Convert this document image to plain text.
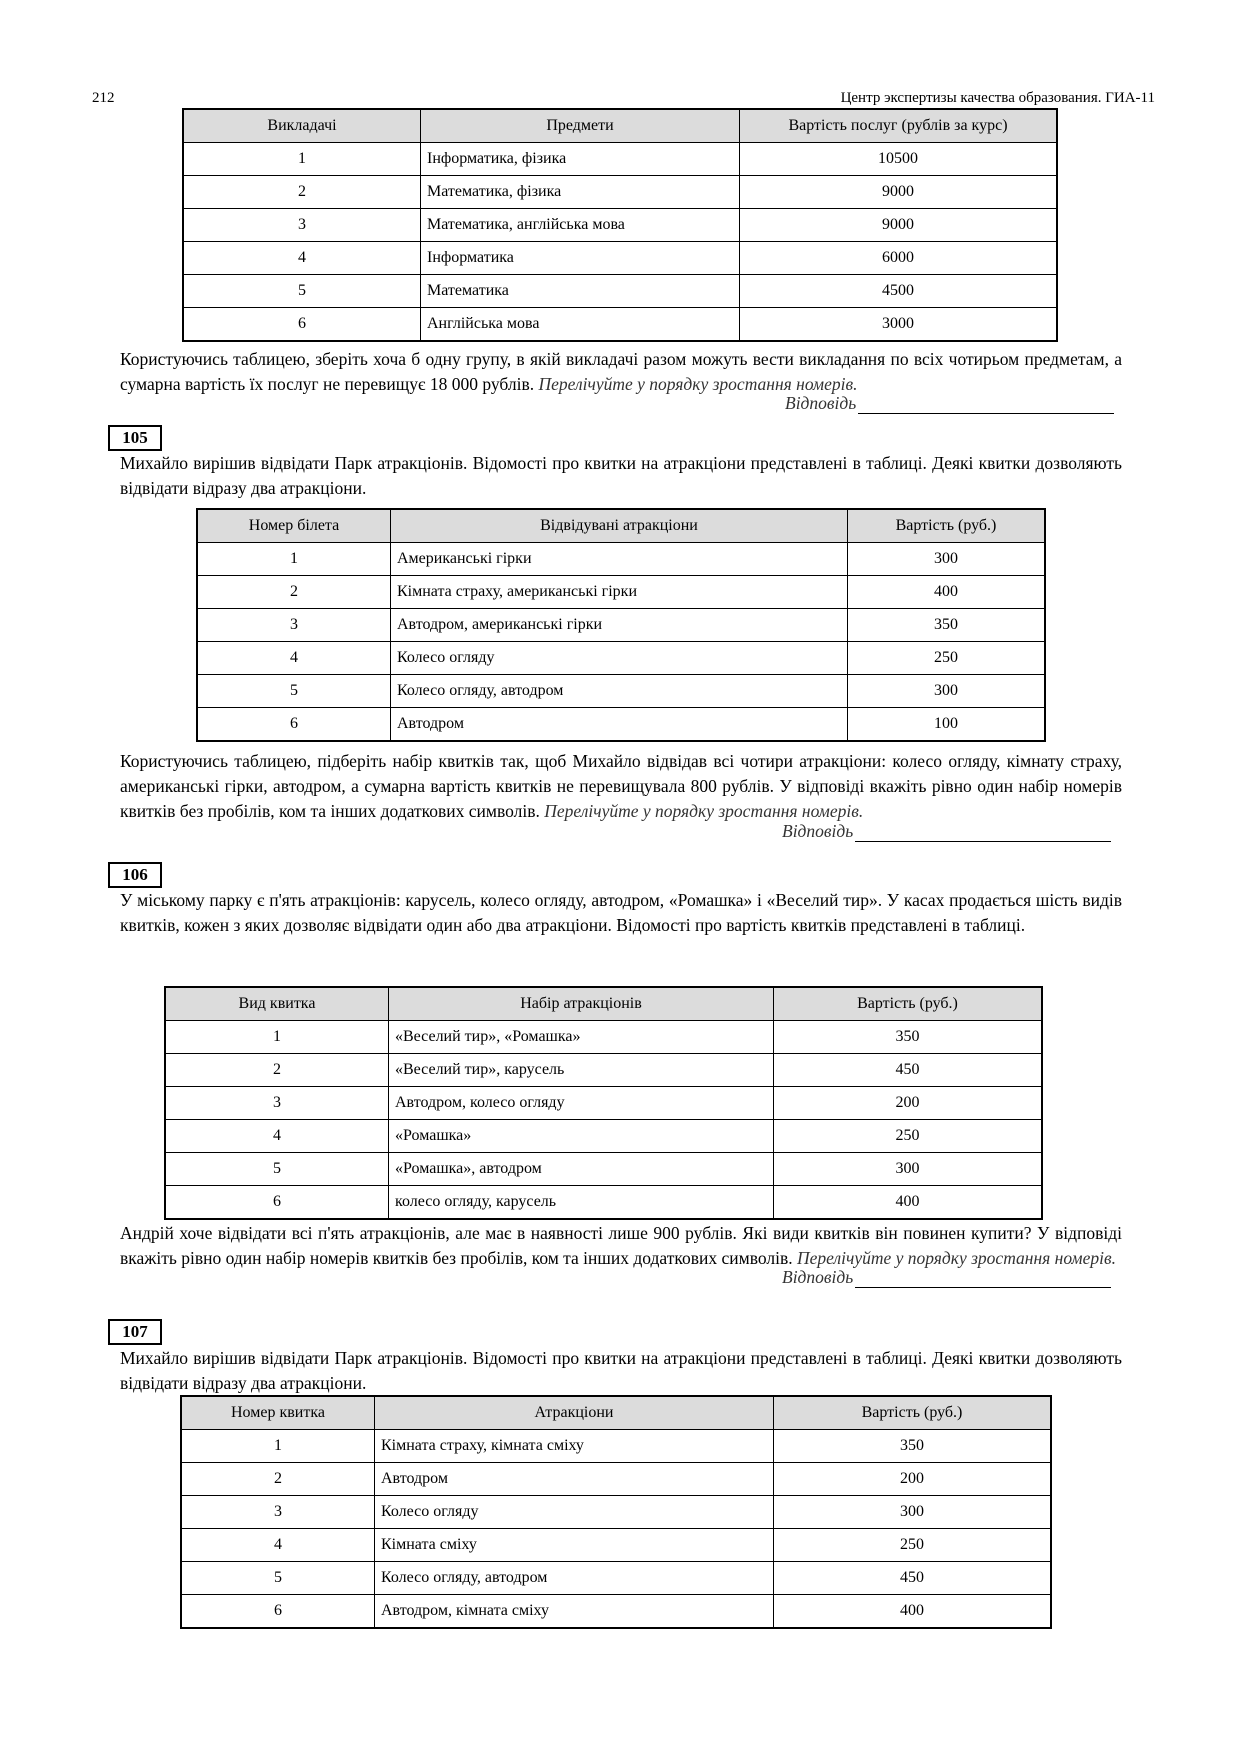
212	Центр экспертизы качества образования. ГИА-11
Викладачі	Предмети	Вартість послуг (рублів за курс)
1	Інформатика, фізика	10500
2	Математика, фізика	9000
3	Математика, англійська мова	9000
4	Інформатика	6000
5	Математика	4500
6	Англійська мова	3000
Користуючись таблицею, зберіть хоча б одну групу, в якій викладачі разом можуть вести викладання по всіх чотирьом предметам, а сумарна вартість їх послуг не перевищує 18 000 рублів. Перелічуйте у порядку зростання номерів.
Відповідь
105
Михайло вирішив відвідати Парк атракціонів. Відомості про квитки на атракціони представлені в таблиці. Деякі квитки дозволяють відвідати відразу два атракціони.
Номер білета	Відвідувані атракціони	Вартість (руб.)
1	Американські гірки	300
2	Кімната страху, американські гірки	400
3	Автодром, американські гірки	350
4	Колесо огляду	250
5	Колесо огляду, автодром	300
6	Автодром	100
Користуючись таблицею, підберіть набір квитків так, щоб Михайло відвідав всі чотири атракціони: колесо огляду, кімнату страху, американські гірки, автодром, а сумарна вартість квитків не перевищувала 800 рублів. У відповіді вкажіть рівно один набір номерів квитків без пробілів, ком та інших додаткових символів. Перелічуйте у порядку зростання номерів.
Відповідь
106
У міському парку є п'ять атракціонів: карусель, колесо огляду, автодром, «Ромашка» і «Веселий тир». У касах продається шість видів квитків, кожен з яких дозволяє відвідати один або два атракціони. Відомості про вартість квитків представлені в таблиці.
Вид квитка	Набір атракціонів	Вартість (руб.)
1	«Веселий тир», «Ромашка»	350
2	«Веселий тир», карусель	450
3	Автодром, колесо огляду	200
4	«Ромашка»	250
5	«Ромашка», автодром	300
6	колесо огляду, карусель	400
Андрій хоче відвідати всі п'ять атракціонів, але має в наявності лише 900 рублів. Які види квитків він повинен купити? У відповіді вкажіть рівно один набір номерів квитків без пробілів, ком та інших додаткових символів. Перелічуйте у порядку зростання номерів.
Відповідь
107
Михайло вирішив відвідати Парк атракціонів. Відомості про квитки на атракціони представлені в таблиці. Деякі квитки дозволяють відвідати відразу два атракціони.
Номер квитка	Атракціони	Вартість (руб.)
1	Кімната страху, кімната сміху	350
2	Автодром	200
3	Колесо огляду	300
4	Кімната сміху	250
5	Колесо огляду, автодром	450
6	Автодром, кімната сміху	400
